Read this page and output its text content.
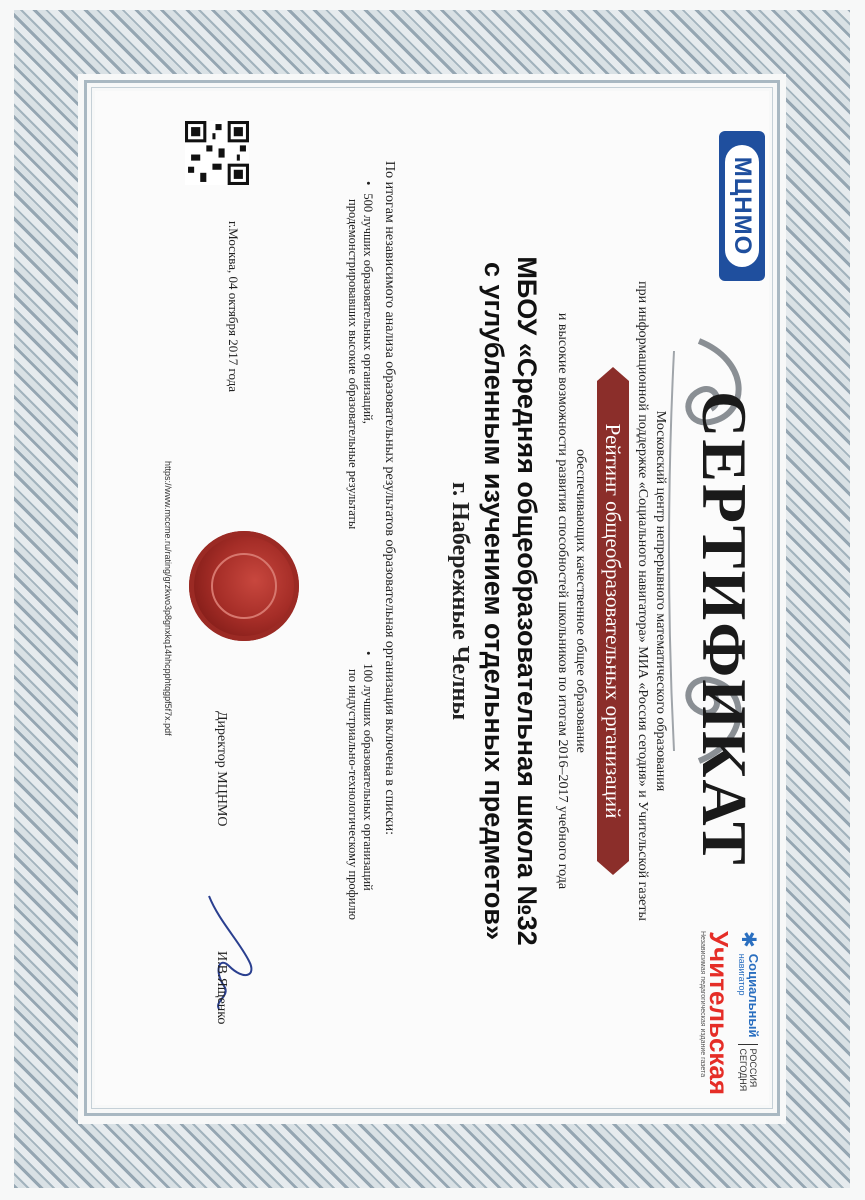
МЦНМО
СЕРТИФИКАТ
✱
Социальный
навигатор
РОССИЯ
СЕГОДНЯ
Учительская
Независимая педагогическая издание газета
Московский центр непрерывного математического образования
при информационной поддержке «Социального навигатора» МИА «Россия сегодня» и Учительской газеты
Рейтинг общеобразовательных организаций
обеспечивающих качественное общее образование
и высокие возможности развития способностей школьников по итогам 2016–2017 учебного года
МБОУ «Средняя общеобразовательная школа №32
с углубленным изучением отдельных предметов»
г. Набережные Челны
По итогам независимого анализа образовательных результатов образовательная организация включена в списки:
• 500 лучших образовательных организаций,
продемонстрировавших высокие образовательные результаты
• 100 лучших образовательных организаций
по индустриально-технологическому профилю
г.Москва, 04 октября 2017 года
https://www.mccme.ru/rating/grzkwo3p8gnxkq14hhcpphtqgpf5f7x.pdf
Директор МЦНМО
И.В.Ященко
